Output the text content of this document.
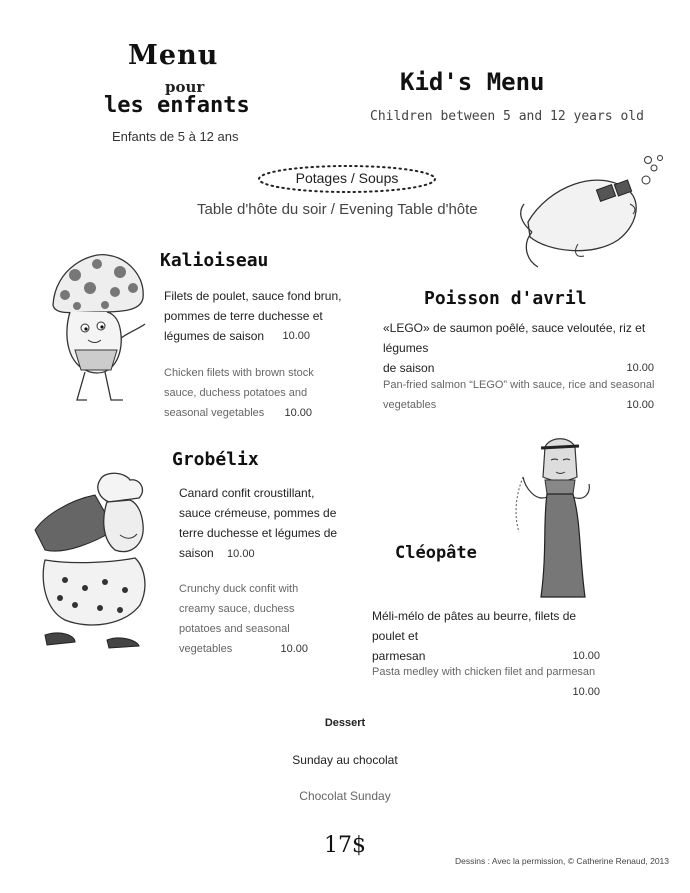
Menu
pour
les enfants
Enfants de 5 à 12 ans
Kid's Menu
Children between 5 and 12 years old
Potages / Soups
Table d'hôte du soir / Evening Table d'hôte
Kalioiseau
Filets de poulet, sauce fond brun,
pommes de terre duchesse et
légumes de saison 10.00
Chicken filets with brown stock
sauce, duchess potatoes and
seasonal vegetables 10.00
Poisson d'avril
«LEGO» de saumon poêlé, sauce veloutée, riz et légumes
de saison	10.00
Pan-fried salmon “LEGO” with sauce, rice and seasonal
vegetables	10.00
Grobélix
Canard confit croustillant,
sauce crémeuse, pommes de
terre duchesse et légumes de
saison 10.00
Crunchy duck confit with
creamy sauce, duchess
potatoes and seasonal
vegetables	10.00
Cléopâte
Méli-mélo de pâtes au beurre, filets de poulet et
parmesan	10.00
Pasta medley with chicken filet and parmesan
10.00
Dessert
Sunday au chocolat
Chocolat Sunday
17$
Dessins : Avec la permission, © Catherine Renaud, 2013
